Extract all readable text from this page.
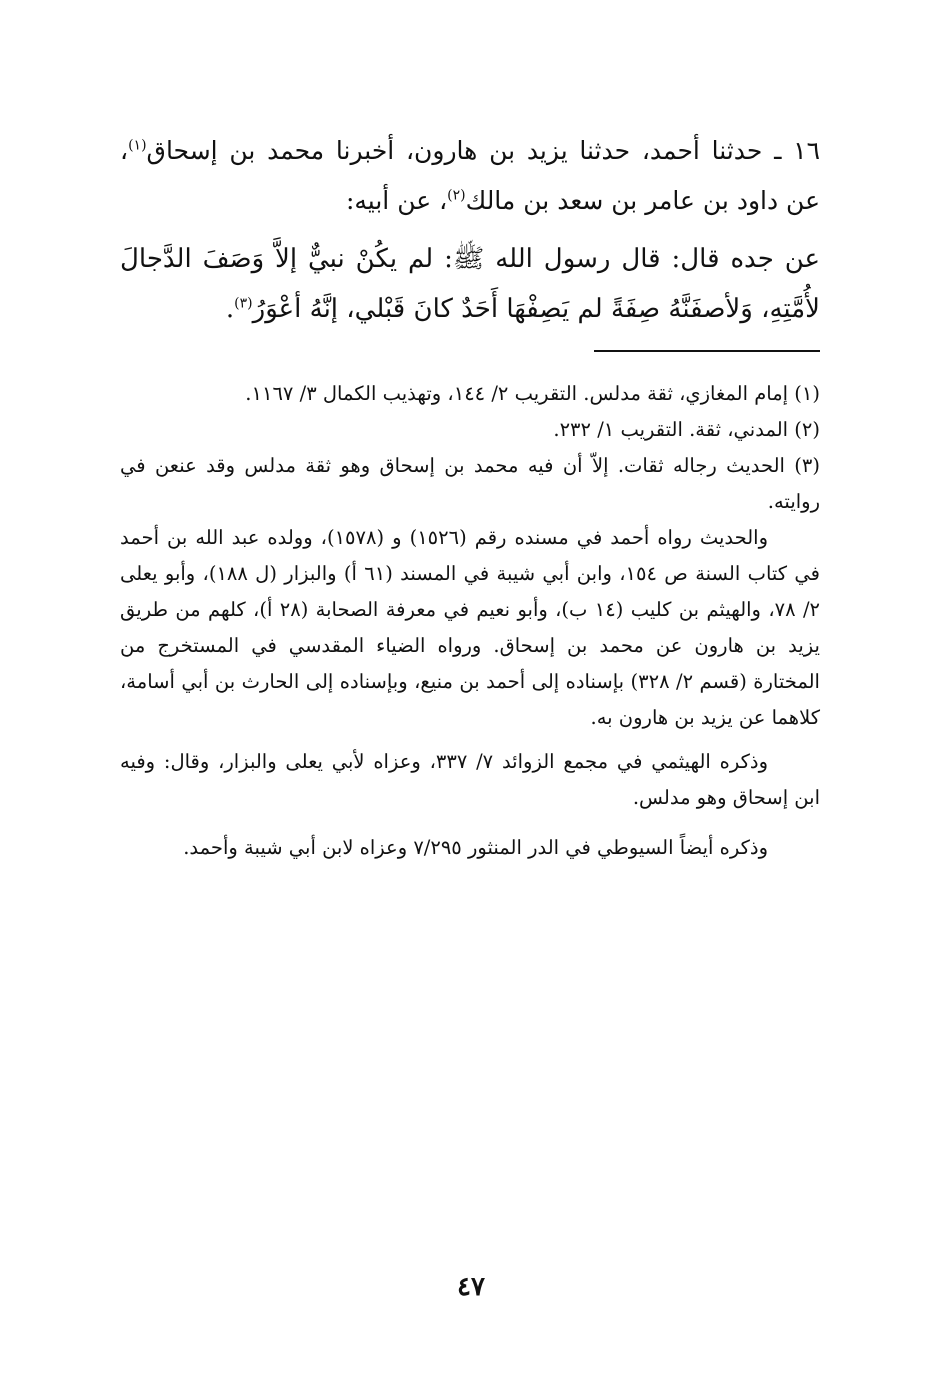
١٦ ـ حدثنا أحمد، حدثنا يزيد بن هارون، أخبرنا محمد بن إسحاق$^{(١)}$، عن داود بن عامر بن سعد بن مالك$^{(٢)}$، عن أبيه:
عن جده قال: قال رسول الله ﷺ: لم يكُنْ نبيٌّ إلاَّ وَصَفَ الدَّجالَ لأُمَّتِهِ، وَلأصفَنَّهُ صِفَةً لم يَصِفْهَا أَحَدٌ كانَ قَبْلي، إنَّهُ أعْوَرُ$^{(٣)}$.

(١) إمام المغازي، ثقة مدلس. التقريب ٢/ ١٤٤، وتهذيب الكمال ٣/ ١١٦٧.

(٢) المدني، ثقة. التقريب ١/ ٢٣٢.

(٣) الحديث رجاله ثقات. إلاّ أن فيه محمد بن إسحاق وهو ثقة مدلس وقد عنعن في روايته.

والحديث رواه أحمد في مسنده رقم (١٥٢٦) و (١٥٧٨)، وولده عبد الله بن أحمد في كتاب السنة ص ١٥٤، وابن أبي شيبة في المسند (٦١ أ) والبزار (ل ١٨٨)، وأبو يعلى ٢/ ٧٨، والهيثم بن كليب (١٤ ب)، وأبو نعيم في معرفة الصحابة (٢٨ أ)، كلهم من طريق يزيد بن هارون عن محمد بن إسحاق. ورواه الضياء المقدسي في المستخرج من المختارة (قسم ٢/ ٣٢٨) بإسناده إلى أحمد بن منيع، وبإسناده إلى الحارث بن أبي أسامة، كلاهما عن يزيد بن هارون به.

وذكره الهيثمي في مجمع الزوائد ٧/ ٣٣٧، وعزاه لأبي يعلى والبزار، وقال: وفيه ابن إسحاق وهو مدلس.

وذكره أيضاً السيوطي في الدر المنثور ٧/٢٩٥ وعزاه لابن أبي شيبة وأحمد.

٤٧
